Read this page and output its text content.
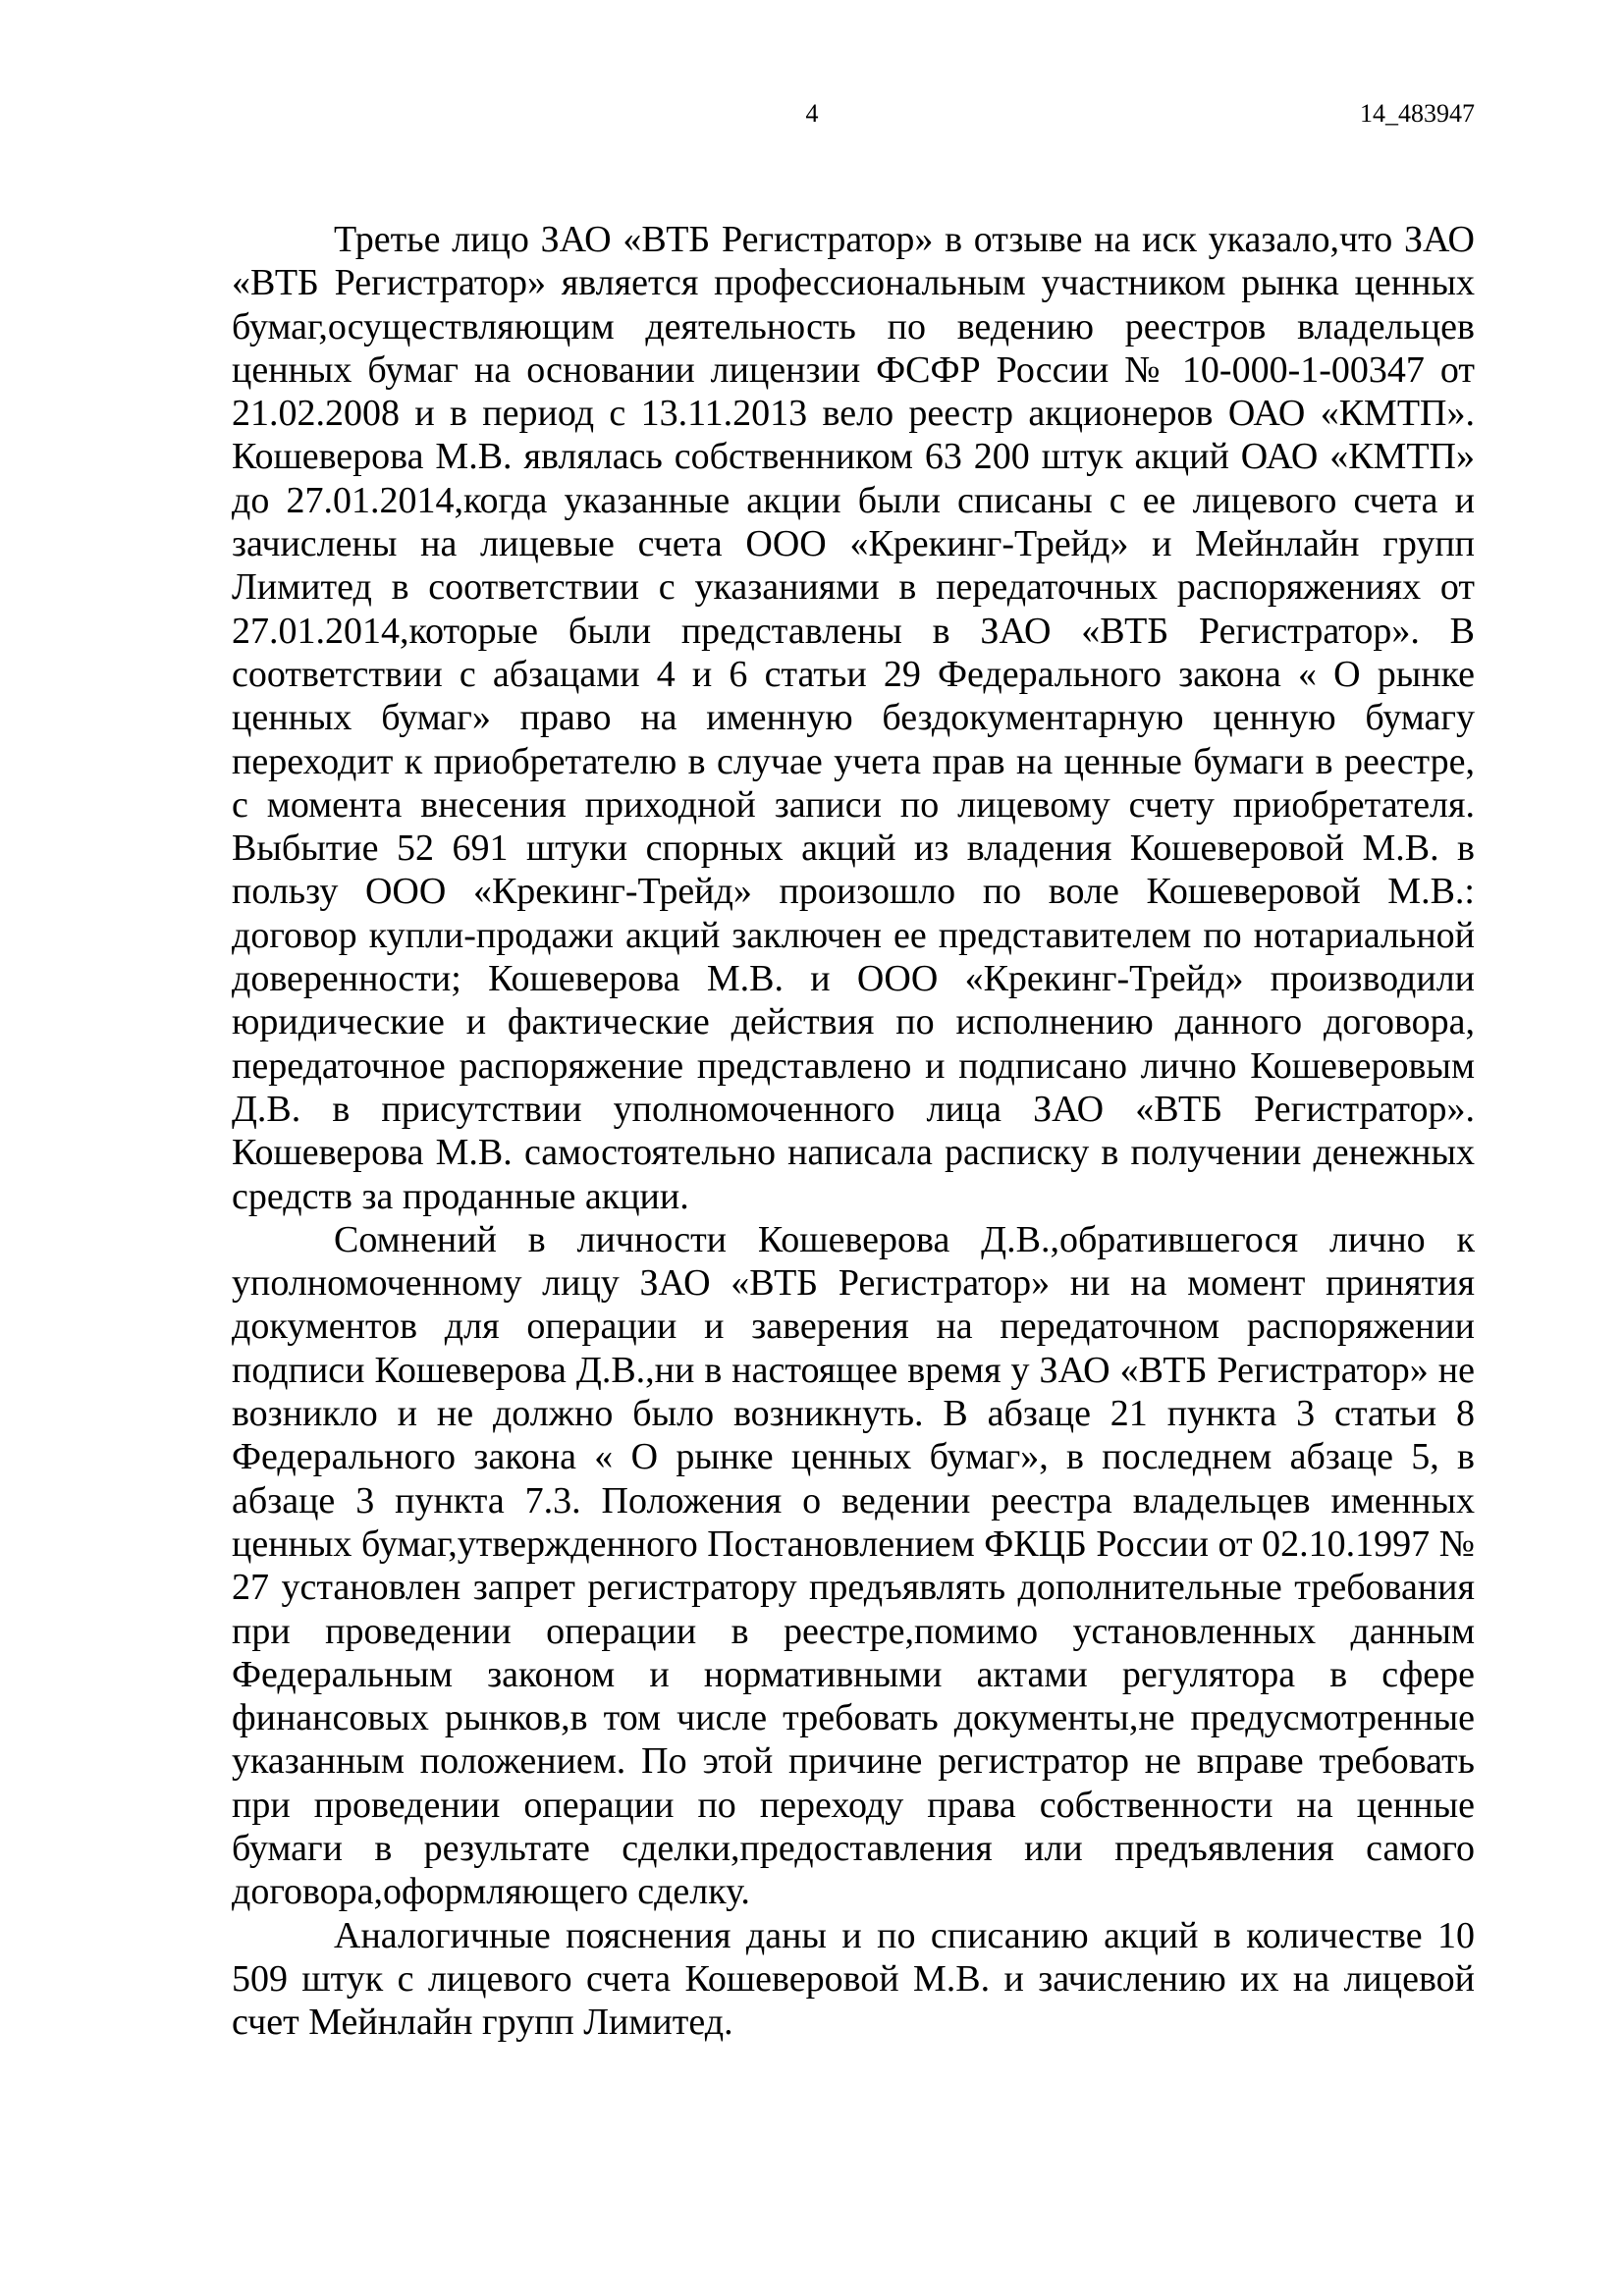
4	14_483947

Третье лицо ЗАО «ВТБ Регистратор» в отзыве на иск указало,что ЗАО «ВТБ Регистратор» является профессиональным участником рынка ценных бумаг,осуществляющим деятельность по ведению реестров владельцев ценных бумаг на основании лицензии ФСФР России № 10-000-1-00347 от 21.02.2008 и в период с 13.11.2013 вело реестр акционеров ОАО «КМТП». Кошеверова М.В. являлась собственником 63 200 штук акций ОАО «КМТП» до 27.01.2014,когда указанные акции были списаны с ее лицевого счета и зачислены на лицевые счета ООО «Крекинг-Трейд» и Мейнлайн групп Лимитед в соответствии с указаниями в передаточных распоряжениях от 27.01.2014,которые были представлены в ЗАО «ВТБ Регистратор». В соответствии с абзацами 4 и 6 статьи 29 Федерального закона « О рынке ценных бумаг» право на именную бездокументарную ценную бумагу переходит к приобретателю в случае учета прав на ценные бумаги в реестре, с момента внесения приходной записи по лицевому счету приобретателя. Выбытие 52 691 штуки спорных акций из владения Кошеверовой М.В. в пользу ООО «Крекинг-Трейд» произошло по воле Кошеверовой М.В.: договор купли-продажи акций заключен ее представителем по нотариальной доверенности; Кошеверова М.В. и ООО «Крекинг-Трейд» производили юридические и фактические действия по исполнению данного договора, передаточное распоряжение представлено и подписано лично Кошеверовым Д.В. в присутствии уполномоченного лица ЗАО «ВТБ Регистратор». Кошеверова М.В. самостоятельно написала расписку в получении денежных средств за проданные акции.

Сомнений в личности Кошеверова Д.В.,обратившегося лично к уполномоченному лицу ЗАО «ВТБ Регистратор» ни на момент принятия документов для операции и заверения на передаточном распоряжении подписи Кошеверова Д.В.,ни в настоящее время у ЗАО «ВТБ Регистратор» не возникло и не должно было возникнуть. В абзаце 21 пункта 3 статьи 8 Федерального закона « О рынке ценных бумаг», в последнем абзаце 5, в абзаце 3 пункта 7.3. Положения о ведении реестра владельцев именных ценных бумаг,утвержденного Постановлением ФКЦБ России от 02.10.1997 № 27 установлен запрет регистратору предъявлять дополнительные требования при проведении операции в реестре,помимо установленных данным Федеральным законом и нормативными актами регулятора в сфере финансовых рынков,в том числе требовать документы,не предусмотренные указанным положением. По этой причине регистратор не вправе требовать при проведении операции по переходу права собственности на ценные бумаги в результате сделки,предоставления или предъявления самого договора,оформляющего сделку.

Аналогичные пояснения даны и по списанию акций в количестве 10 509 штук с лицевого счета Кошеверовой М.В. и зачислению их на лицевой счет Мейнлайн групп Лимитед.
